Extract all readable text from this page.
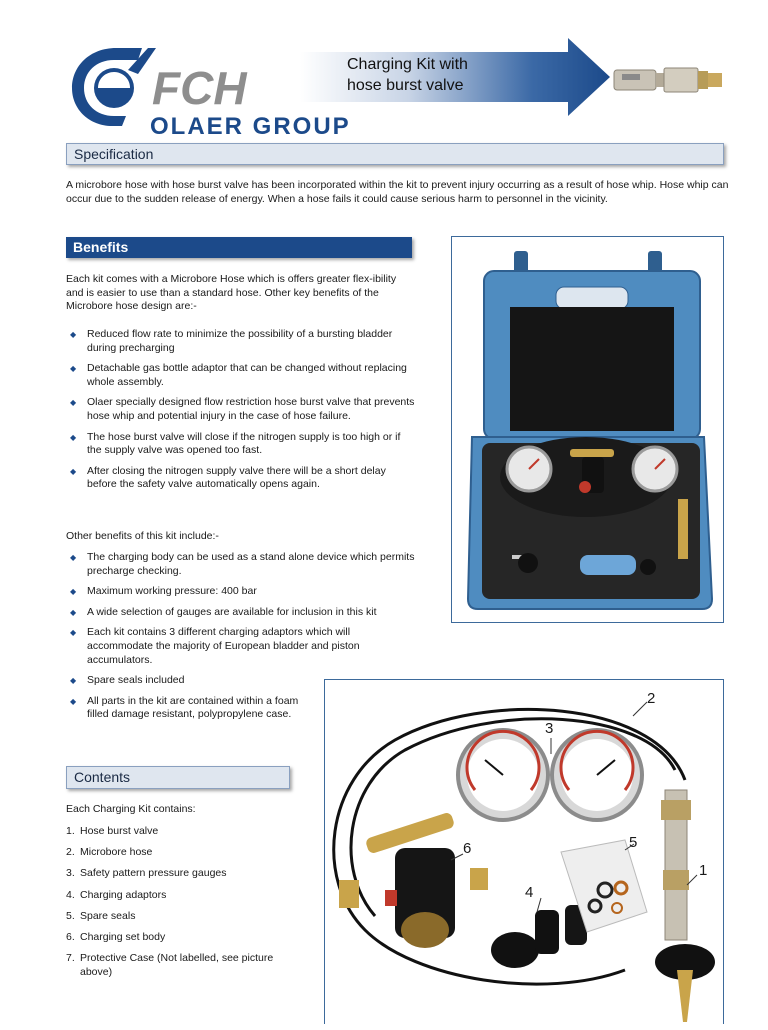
FCH
OLAER GROUP
Charging Kit with
hose burst valve
Specification
A microbore hose with hose burst valve has been incorporated within the kit to prevent injury occurring as a result of hose whip. Hose whip can occur due to the sudden release of energy. When a hose fails it could cause serious harm to personnel in the vicinity.
Benefits
Each kit comes with a Microbore Hose which is offers greater flex-ibility and is easier to use than a standard hose. Other key benefits of the Microbore hose design are:-
◆ Reduced flow rate to minimize the possibility of a bursting bladder during precharging
◆ Detachable gas bottle adaptor that can be changed without replacing whole assembly.
◆ Olaer specially designed flow restriction hose burst valve that prevents hose whip and potential injury in the case of hose failure.
◆ The hose burst valve will close if the nitrogen supply is too high or if the supply valve was opened too fast.
◆ After closing the nitrogen supply valve there will be a short delay before the safety valve automatically opens again.
Other benefits of this kit include:-
◆ The charging body can be used as a stand alone device which permits precharge checking.
◆ Maximum working pressure: 400 bar
◆ A wide selection of gauges are available for inclusion in this kit
◆ Each kit contains 3 different charging adaptors which will accommodate the majority of European bladder and piston accumulators.
◆ Spare seals included
◆ All parts in the kit are contained within a foam filled damage resistant, polypropylene case.
Contents
Each Charging Kit contains:
1. Hose burst valve
2. Microbore hose
3. Safety pattern pressure gauges
4. Charging adaptors
5. Spare seals
6. Charging set body
7. Protective Case (Not labelled, see picture above)
1
2
3
4
5
6
